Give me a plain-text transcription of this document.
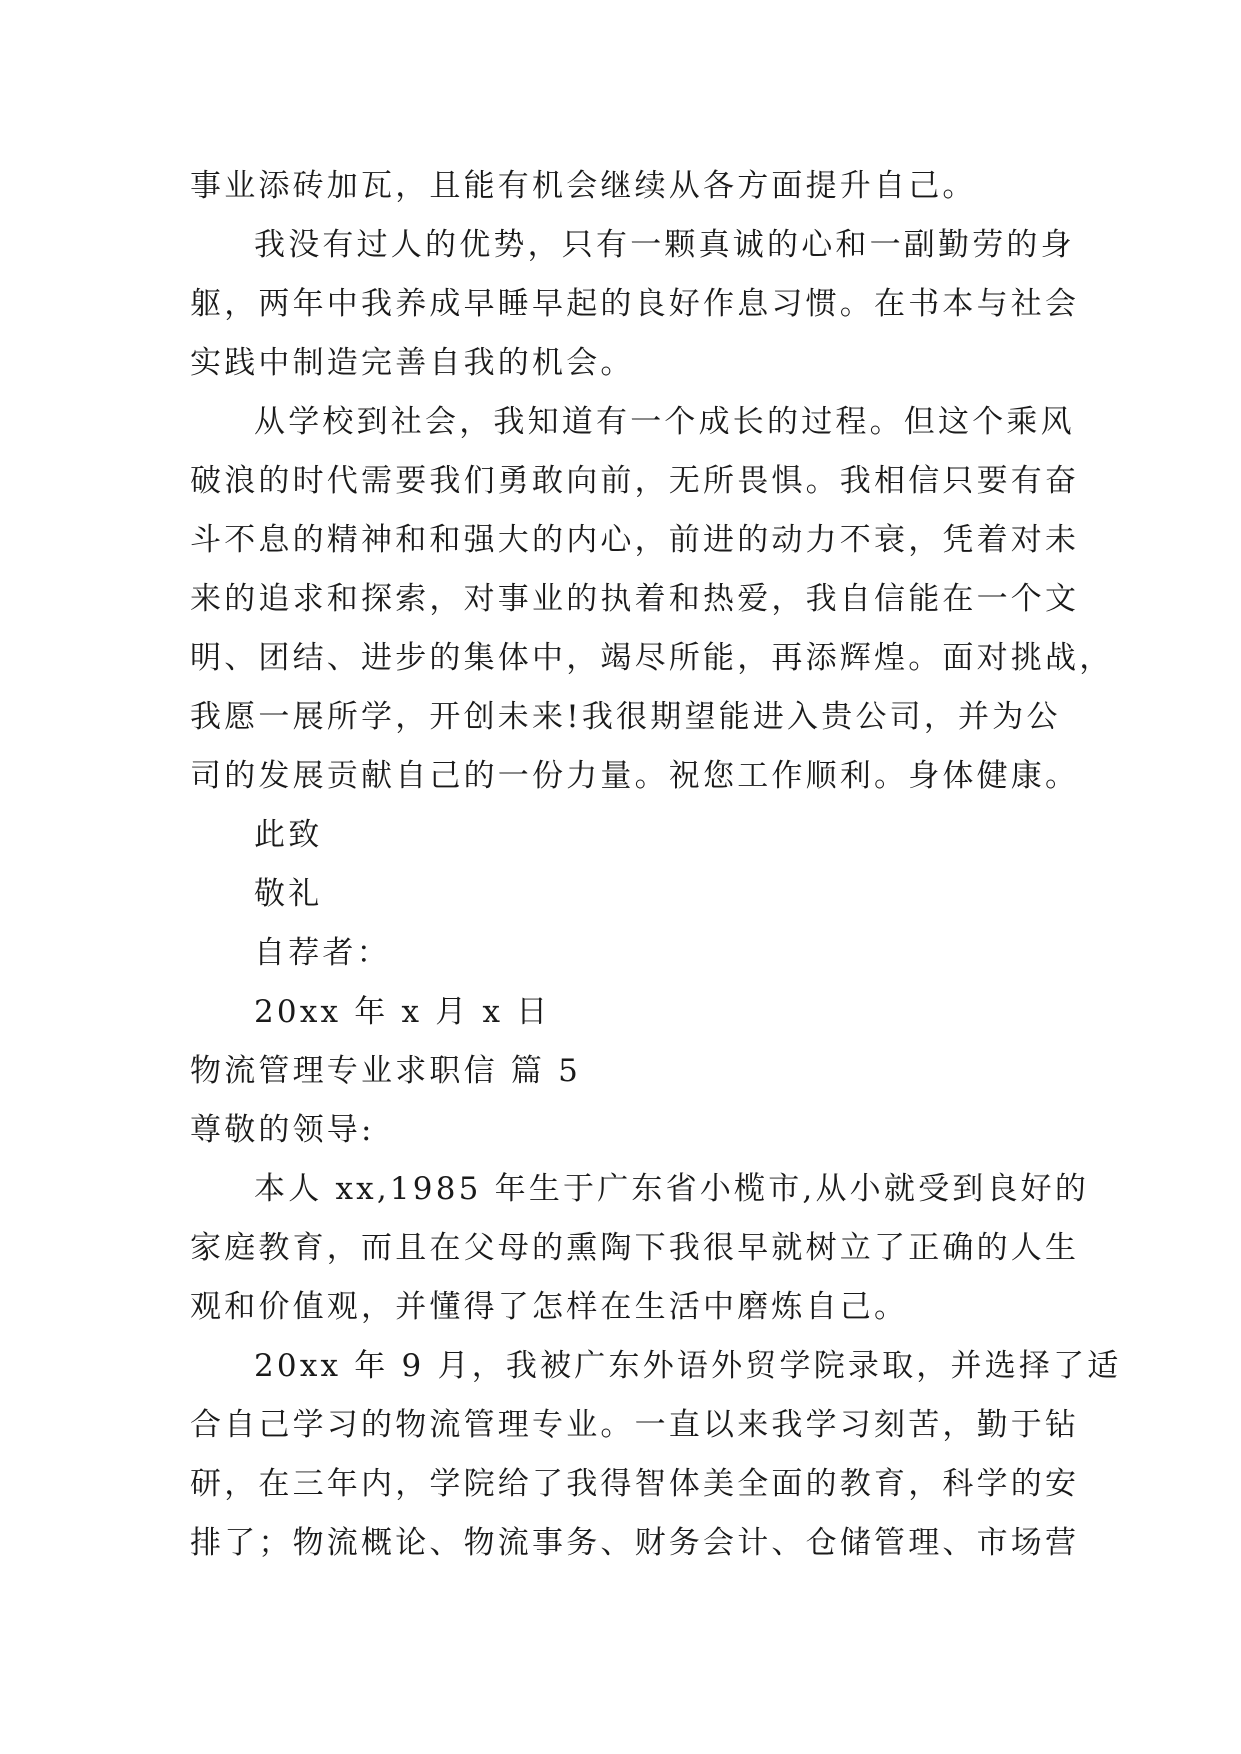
事业添砖加瓦，且能有机会继续从各方面提升自己。
我没有过人的优势，只有一颗真诚的心和一副勤劳的身
躯，两年中我养成早睡早起的良好作息习惯。在书本与社会
实践中制造完善自我的机会。
从学校到社会，我知道有一个成长的过程。但这个乘风
破浪的时代需要我们勇敢向前，无所畏惧。我相信只要有奋
斗不息的精神和和强大的内心，前进的动力不衰，凭着对未
来的追求和探索，对事业的执着和热爱，我自信能在一个文
明、团结、进步的集体中，竭尽所能，再添辉煌。面对挑战，
我愿一展所学，开创未来!我很期望能进入贵公司，并为公
司的发展贡献自己的一份力量。祝您工作顺利。身体健康。
此致
敬礼
自荐者：
20xx 年 x 月 x 日
物流管理专业求职信 篇 5
尊敬的领导:
本人 xx,1985 年生于广东省小榄市,从小就受到良好的
家庭教育，而且在父母的熏陶下我很早就树立了正确的人生
观和价值观，并懂得了怎样在生活中磨炼自己。
20xx 年 9 月，我被广东外语外贸学院录取，并选择了适
合自己学习的物流管理专业。一直以来我学习刻苦，勤于钻
研，在三年内，学院给了我得智体美全面的教育，科学的安
排了；物流概论、物流事务、财务会计、仓储管理、市场营
